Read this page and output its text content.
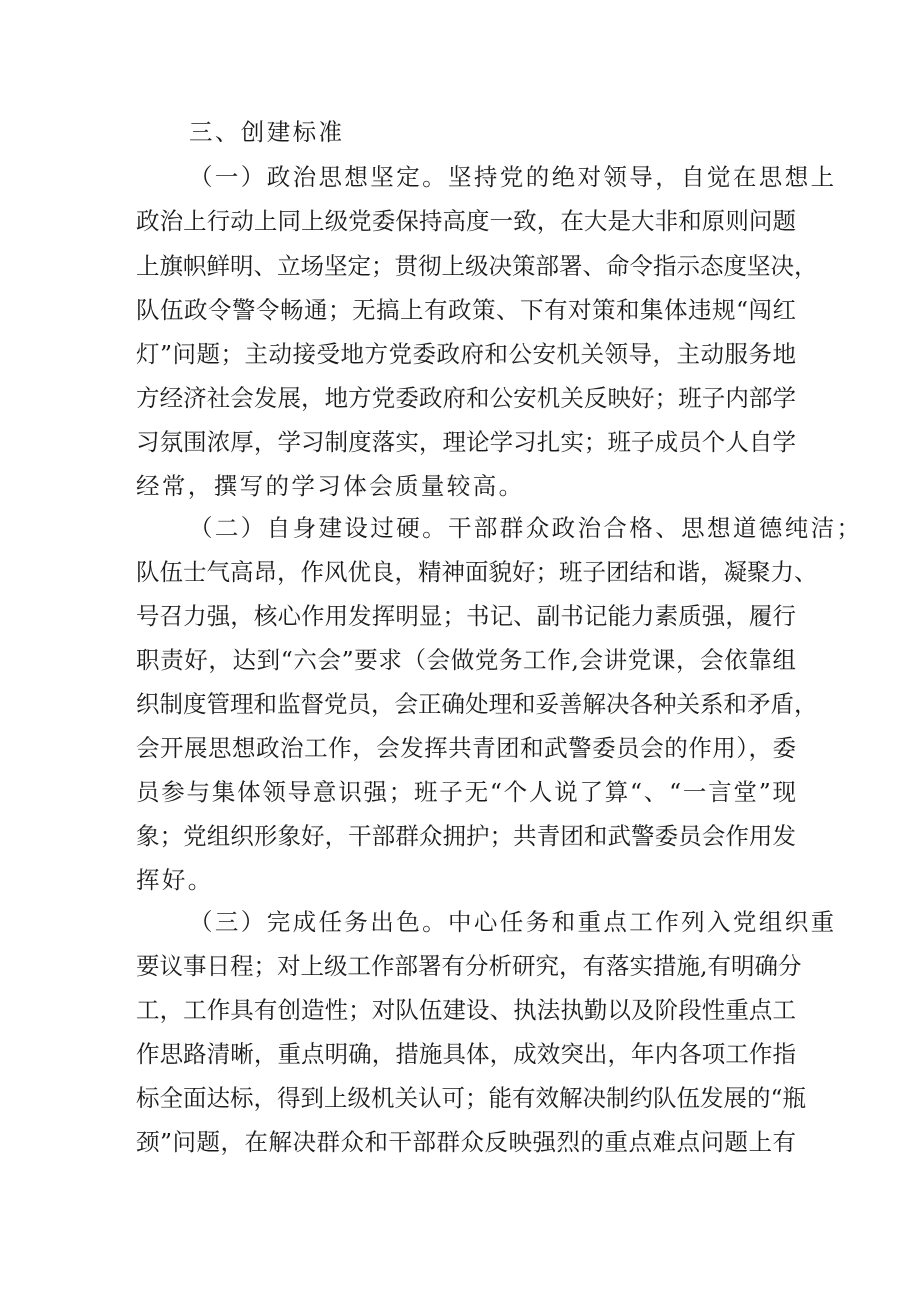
三、创建标准
（一）政治思想坚定。坚持党的绝对领导，自觉在思想上
政治上行动上同上级党委保持高度一致，在大是大非和原则问题
上旗帜鲜明、立场坚定；贯彻上级决策部署、命令指示态度坚决，
队伍政令警令畅通；无搞上有政策、下有对策和集体违规“闯红
灯”问题；主动接受地方党委政府和公安机关领导，主动服务地
方经济社会发展，地方党委政府和公安机关反映好；班子内部学
习氛围浓厚，学习制度落实，理论学习扎实；班子成员个人自学
经常，撰写的学习体会质量较高。
（二）自身建设过硬。干部群众政治合格、思想道德纯洁；
队伍士气高昂，作风优良，精神面貌好；班子团结和谐，凝聚力、
号召力强，核心作用发挥明显；书记、副书记能力素质强，履行
职责好，达到“六会”要求（会做党务工作,会讲党课，会依靠组
织制度管理和监督党员，会正确处理和妥善解决各种关系和矛盾，
会开展思想政治工作，会发挥共青团和武警委员会的作用），委
员参与集体领导意识强；班子无“个人说了算“、“一言堂”现
象；党组织形象好，干部群众拥护；共青团和武警委员会作用发
挥好。
（三）完成任务出色。中心任务和重点工作列入党组织重
要议事日程；对上级工作部署有分析研究，有落实措施,有明确分
工，工作具有创造性；对队伍建设、执法执勤以及阶段性重点工
作思路清晰，重点明确，措施具体，成效突出，年内各项工作指
标全面达标，得到上级机关认可；能有效解决制约队伍发展的“瓶
颈”问题，在解决群众和干部群众反映强烈的重点难点问题上有
